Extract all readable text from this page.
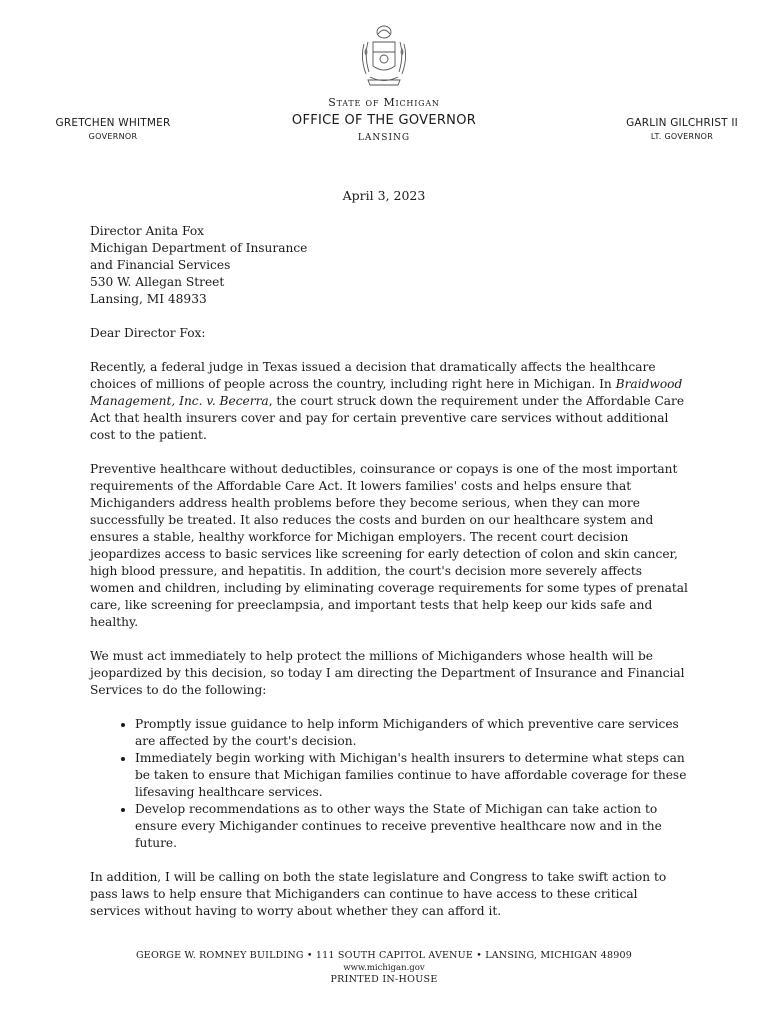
GRETCHEN WHITMER
GOVERNOR
State of Michigan
OFFICE OF THE GOVERNOR
LANSING
GARLIN GILCHRIST II
LT. GOVERNOR
April 3, 2023
Director Anita Fox
Michigan Department of Insurance
and Financial Services
530 W. Allegan Street
Lansing, MI 48933
Dear Director Fox:

Recently, a federal judge in Texas issued a decision that dramatically affects the healthcare choices of millions of people across the country, including right here in Michigan. In Braidwood Management, Inc. v. Becerra, the court struck down the requirement under the Affordable Care Act that health insurers cover and pay for certain preventive care services without additional cost to the patient.

Preventive healthcare without deductibles, coinsurance or copays is one of the most important requirements of the Affordable Care Act. It lowers families' costs and helps ensure that Michiganders address health problems before they become serious, when they can more successfully be treated. It also reduces the costs and burden on our healthcare system and ensures a stable, healthy workforce for Michigan employers. The recent court decision jeopardizes access to basic services like screening for early detection of colon and skin cancer, high blood pressure, and hepatitis. In addition, the court's decision more severely affects women and children, including by eliminating coverage requirements for some types of prenatal care, like screening for preeclampsia, and important tests that help keep our kids safe and healthy.

We must act immediately to help protect the millions of Michiganders whose health will be jeopardized by this decision, so today I am directing the Department of Insurance and Financial Services to do the following:

• Promptly issue guidance to help inform Michiganders of which preventive care services are affected by the court's decision.
• Immediately begin working with Michigan's health insurers to determine what steps can be taken to ensure that Michigan families continue to have affordable coverage for these lifesaving healthcare services.
• Develop recommendations as to other ways the State of Michigan can take action to ensure every Michigander continues to receive preventive healthcare now and in the future.

In addition, I will be calling on both the state legislature and Congress to take swift action to pass laws to help ensure that Michiganders can continue to have access to these critical services without having to worry about whether they can afford it.

GEORGE W. ROMNEY BUILDING • 111 SOUTH CAPITOL AVENUE • LANSING, MICHIGAN 48909
www.michigan.gov
PRINTED IN-HOUSE
